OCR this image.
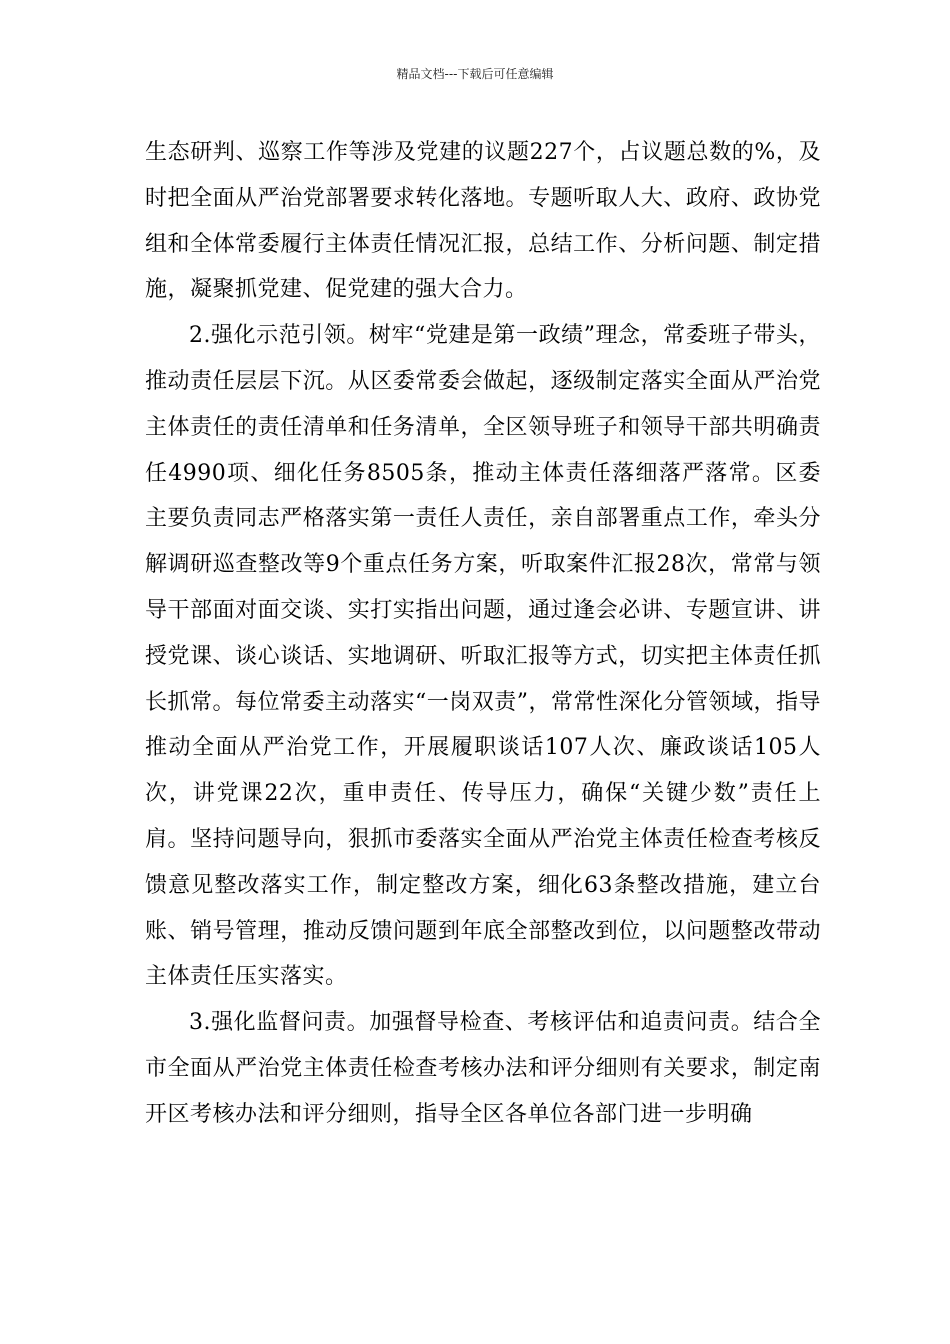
精品文档---下载后可任意编辑

生态研判、巡察工作等涉及党建的议题227个，占议题总数的%，及时把全面从严治党部署要求转化落地。专题听取人大、政府、政协党组和全体常委履行主体责任情况汇报，总结工作、分析问题、制定措施，凝聚抓党建、促党建的强大合力。

2.强化示范引领。树牢“党建是第一政绩”理念，常委班子带头，推动责任层层下沉。从区委常委会做起，逐级制定落实全面从严治党主体责任的责任清单和任务清单，全区领导班子和领导干部共明确责任4990项、细化任务8505条，推动主体责任落细落严落常。区委主要负责同志严格落实第一责任人责任，亲自部署重点工作，牵头分解调研巡查整改等9个重点任务方案，听取案件汇报28次，常常与领导干部面对面交谈、实打实指出问题，通过逢会必讲、专题宣讲、讲授党课、谈心谈话、实地调研、听取汇报等方式，切实把主体责任抓长抓常。每位常委主动落实“一岗双责”，常常性深化分管领域，指导推动全面从严治党工作，开展履职谈话107人次、廉政谈话105人次，讲党课22次，重申责任、传导压力，确保“关键少数”责任上肩。坚持问题导向，狠抓市委落实全面从严治党主体责任检查考核反馈意见整改落实工作，制定整改方案，细化63条整改措施，建立台账、销号管理，推动反馈问题到年底全部整改到位，以问题整改带动主体责任压实落实。

3.强化监督问责。加强督导检查、考核评估和追责问责。结合全市全面从严治党主体责任检查考核办法和评分细则有关要求，制定南开区考核办法和评分细则，指导全区各单位各部门进一步明确
